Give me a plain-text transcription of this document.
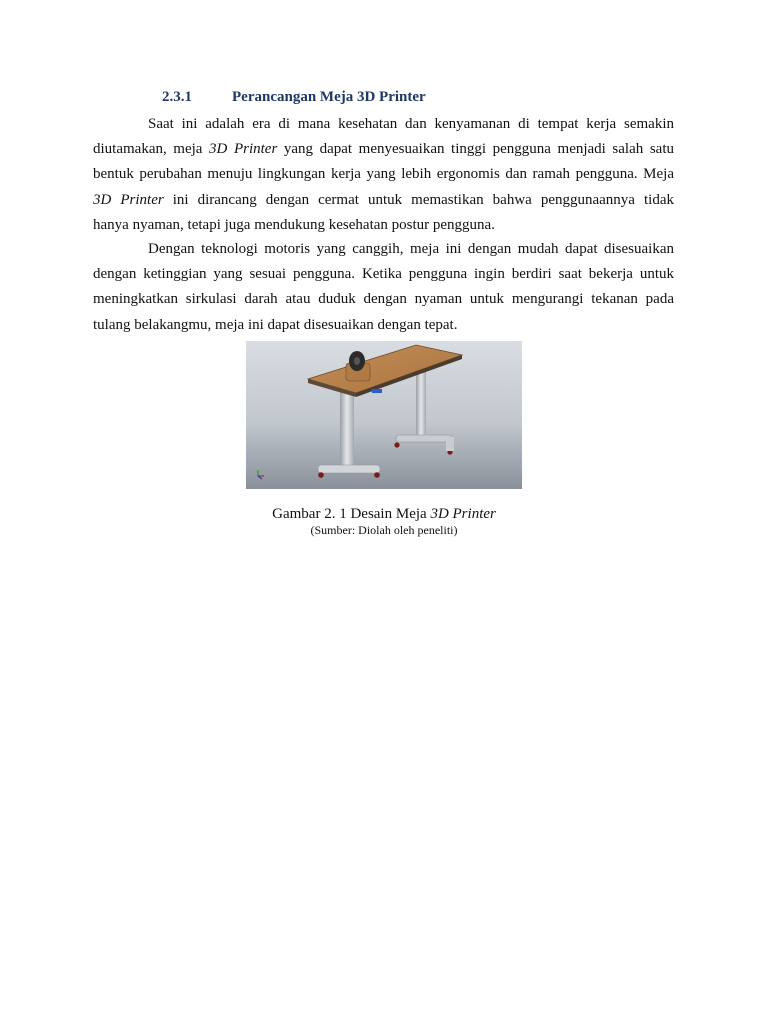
2.3.1	Perancangan Meja 3D Printer
Saat ini adalah era di mana kesehatan dan kenyamanan di tempat kerja semakin
diutamakan, meja 3D Printer yang dapat menyesuaikan tinggi pengguna menjadi salah satu
bentuk perubahan menuju lingkungan kerja yang lebih ergonomis dan ramah pengguna. Meja
3D Printer ini dirancang dengan cermat untuk memastikan bahwa penggunaannya tidak
hanya nyaman, tetapi juga mendukung kesehatan postur pengguna.
Dengan teknologi motoris yang canggih, meja ini dengan mudah dapat disesuaikan
dengan ketinggian yang sesuai pengguna. Ketika pengguna ingin berdiri saat bekerja untuk
meningkatkan sirkulasi darah atau duduk dengan nyaman untuk mengurangi tekanan pada
tulang belakangmu, meja ini dapat disesuaikan dengan tepat.
Gambar 2. 1 Desain Meja 3D Printer
(Sumber: Diolah oleh peneliti)
